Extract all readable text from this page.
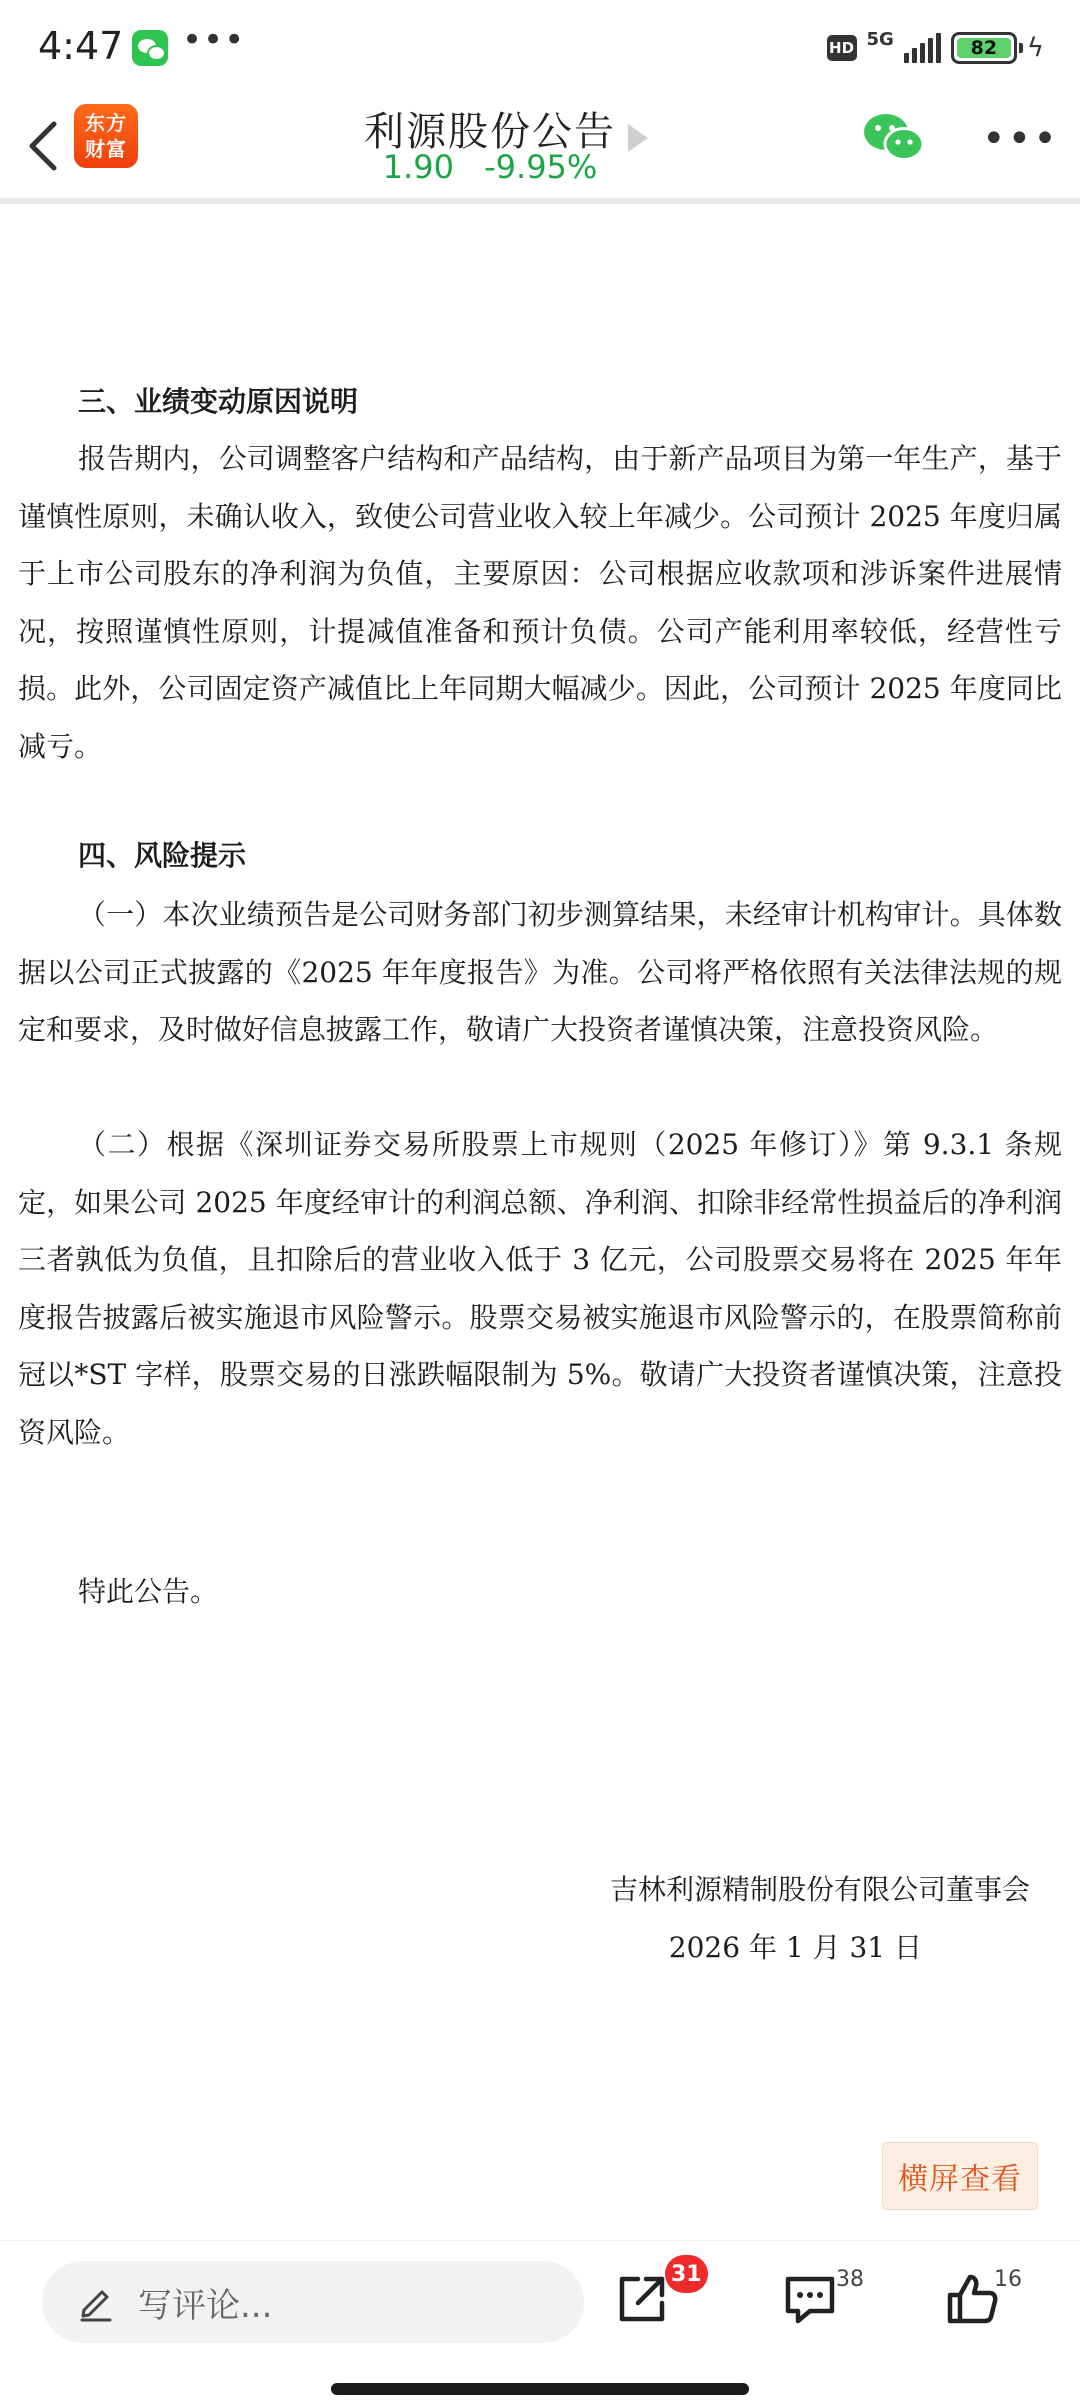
4:47 •••	HD 5G	82	ϟ
东方
财富	利源股份公告
1.90 -9.95%
•••
三、业绩变动原因说明
报告期内，公司调整客户结构和产品结构，由于新产品项目为第一年生产，基于谨慎性原则，未确认收入，致使公司营业收入较上年减少。公司预计 2025 年度归属于上市公司股东的净利润为负值，主要原因：公司根据应收款项和涉诉案件进展情况，按照谨慎性原则，计提减值准备和预计负债。公司产能利用率较低，经营性亏损。此外，公司固定资产减值比上年同期大幅减少。因此，公司预计 2025 年度同比减亏。
四、风险提示
（一）本次业绩预告是公司财务部门初步测算结果，未经审计机构审计。具体数据以公司正式披露的《2025 年年度报告》为准。公司将严格依照有关法律法规的规定和要求，及时做好信息披露工作，敬请广大投资者谨慎决策，注意投资风险。
（二）根据《深圳证券交易所股票上市规则（2025 年修订）》第 9.3.1 条规定，如果公司 2025 年度经审计的利润总额、净利润、扣除非经常性损益后的净利润三者孰低为负值，且扣除后的营业收入低于 3 亿元，公司股票交易将在 2025 年年度报告披露后被实施退市风险警示。股票交易被实施退市风险警示的，在股票简称前冠以*ST 字样，股票交易的日涨跌幅限制为 5%。敬请广大投资者谨慎决策，注意投资风险。
特此公告。
吉林利源精制股份有限公司董事会
2026 年 1 月 31 日
横屏查看
写评论...
31	38	16
